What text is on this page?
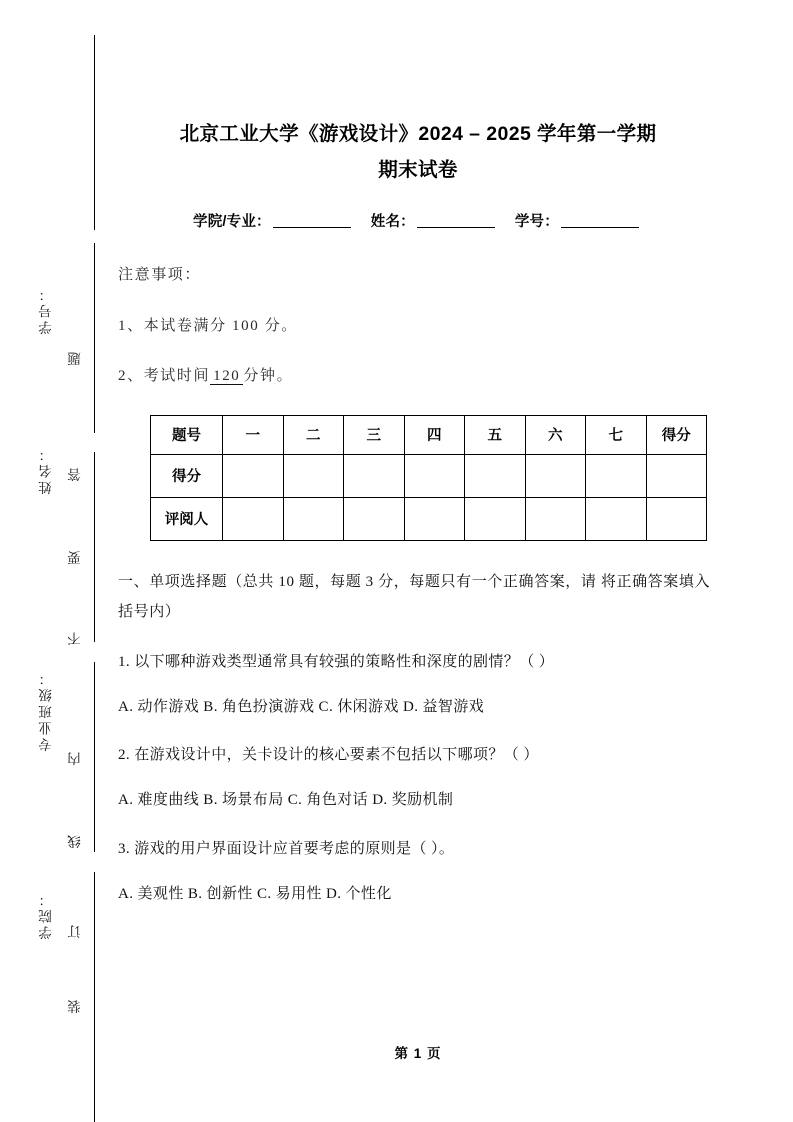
学号：
姓名：
专业班级：
学院：
题
答
要
不
内
线
订
装
北京工业大学《游戏设计》2024 – 2025 学年第一学期
期末试卷
学院/专业：	姓名：	学号：
注意事项：
1、本试卷满分 100 分。
2、考试时间 120 分钟。
题号	一	二	三	四	五	六	七	得分
得分								
评阅人								
一、单项选择题（总共 10 题，每题 3 分，每题只有一个正确答案，请 将正确答案填入括号内）
1. 以下哪种游戏类型通常具有较强的策略性和深度的剧情？（ ）
A. 动作游戏 B. 角色扮演游戏 C. 休闲游戏 D. 益智游戏
2. 在游戏设计中，关卡设计的核心要素不包括以下哪项？（ ）
A. 难度曲线 B. 场景布局 C. 角色对话 D. 奖励机制
3. 游戏的用户界面设计应首要考虑的原则是（ ）。
A. 美观性 B. 创新性 C. 易用性 D. 个性化
第 1 页
